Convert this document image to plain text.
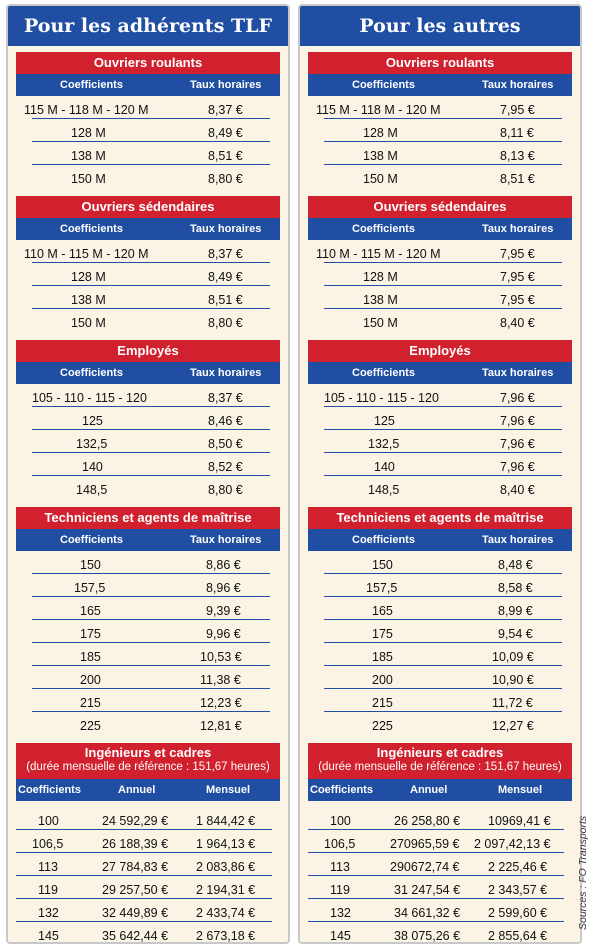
Pour les adhérents TLF
Ouvriers roulants
Coefficients	Taux horaires
115 M - 118 M - 120 M	8,37 €
128 M	8,49 €
138 M	8,51 €
150 M	8,80 €
Ouvriers sédendaires
Coefficients	Taux horaires
110 M - 115 M - 120 M	8,37 €
128 M	8,49 €
138 M	8,51 €
150 M	8,80 €
Employés
Coefficients	Taux horaires
105 - 110 - 115 - 120	8,37 €
125	8,46 €
132,5	8,50 €
140	8,52 €
148,5	8,80 €
Techniciens et agents de maîtrise
Coefficients	Taux horaires
150	8,86 €
157,5	8,96 €
165	9,39 €
175	9,96 €
185	10,53 €
200	11,38 €
215	12,23 €
225	12,81 €
Ingénieurs et cadres
(durée mensuelle de référence : 151,67 heures)
Coefficients	Annuel	Mensuel
100	24 592,29 € 1 844,42 €
106,5	26 188,39 € 1 964,13 €
113	27 784,83 € 2 083,86 €
119	29 257,50 € 2 194,31 €
132	32 449,89 € 2 433,74 €
145	35 642,44 € 2 673,18 €
Pour les autres
Ouvriers roulants
Coefficients	Taux horaires
115 M - 118 M - 120 M	7,95 €
128 M	8,11 €
138 M	8,13 €
150 M	8,51 €
Ouvriers sédendaires
Coefficients	Taux horaires
110 M - 115 M - 120 M	7,95 €
128 M	7,95 €
138 M	7,95 €
150 M	8,40 €
Employés
Coefficients	Taux horaires
105 - 110 - 115 - 120	7,96 €
125	7,96 €
132,5	7,96 €
140	7,96 €
148,5	8,40 €
Techniciens et agents de maîtrise
Coefficients	Taux horaires
150	8,48 €
157,5	8,58 €
165	8,99 €
175	9,54 €
185	10,09 €
200	10,90 €
215	11,72 €
225	12,27 €
Ingénieurs et cadres
(durée mensuelle de référence : 151,67 heures)
Coefficients	Annuel	Mensuel
100	26 258,80 € 10969,41 €
106,5	270965,59 € 2 097,42,13 €
113	290672,74 € 2 225,46 €
119	31 247,54 € 2 343,57 €
132	34 661,32 € 2 599,60 €
145	38 075,26 € 2 855,64 €
Sources : FO Transports
